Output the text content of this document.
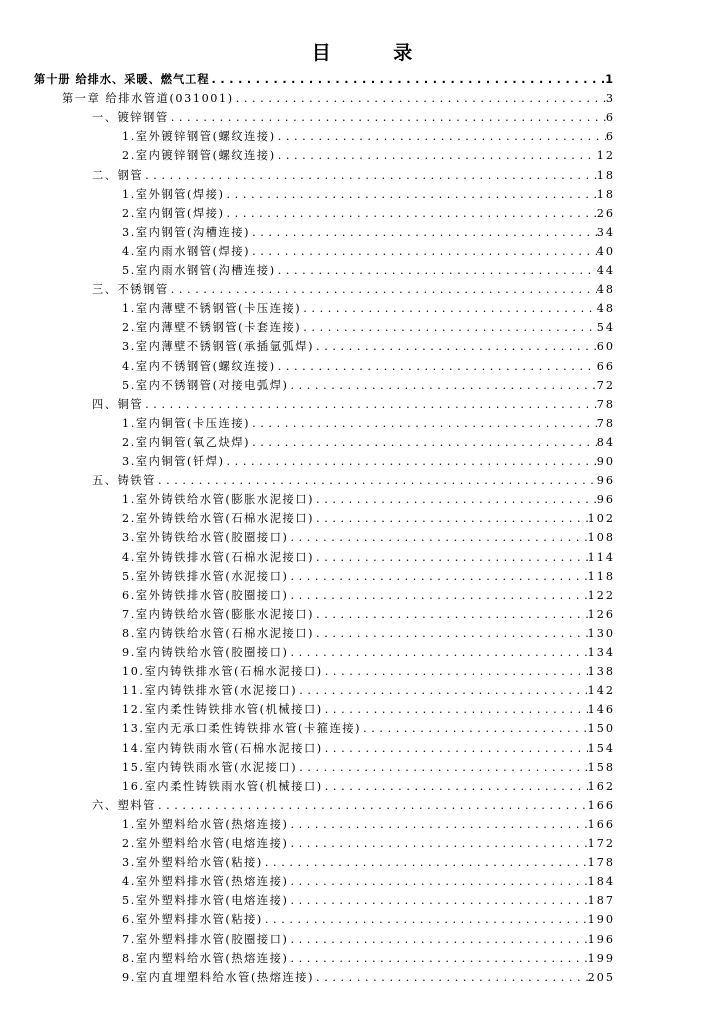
目 录
第十册 给排水、采暖、燃气工程 .....	1
第一章 给排水管道(031001) .....	3
一、镀锌钢管 .....	6
1.室外镀锌钢管(螺纹连接) .....	6
2.室内镀锌钢管(螺纹连接) .....	12
二、钢管 .....	18
1.室外钢管(焊接) .....	18
2.室内钢管(焊接) .....	26
3.室内钢管(沟槽连接) .....	34
4.室内雨水钢管(焊接) .....	40
5.室内雨水钢管(沟槽连接) .....	44
三、不锈钢管 .....	48
1.室内薄壁不锈钢管(卡压连接) .....	48
2.室内薄壁不锈钢管(卡套连接) .....	54
3.室内薄壁不锈钢管(承插氩弧焊) .....	60
4.室内不锈钢管(螺纹连接) .....	66
5.室内不锈钢管(对接电弧焊) .....	72
四、铜管 .....	78
1.室内铜管(卡压连接) .....	78
2.室内铜管(氧乙炔焊) .....	84
3.室内铜管(钎焊) .....	90
五、铸铁管 .....	96
1.室外铸铁给水管(膨胀水泥接口) .....	96
2.室外铸铁给水管(石棉水泥接口) .....	102
3.室外铸铁给水管(胶圈接口) .....	108
4.室外铸铁排水管(石棉水泥接口) .....	114
5.室外铸铁排水管(水泥接口) .....	118
6.室外铸铁排水管(胶圈接口) .....	122
7.室内铸铁给水管(膨胀水泥接口) .....	126
8.室内铸铁给水管(石棉水泥接口) .....	130
9.室内铸铁给水管(胶圈接口) .....	134
10.室内铸铁排水管(石棉水泥接口) .....	138
11.室内铸铁排水管(水泥接口) .....	142
12.室内柔性铸铁排水管(机械接口) .....	146
13.室内无承口柔性铸铁排水管(卡箍连接) .....	150
14.室内铸铁雨水管(石棉水泥接口) .....	154
15.室内铸铁雨水管(水泥接口) .....	158
16.室内柔性铸铁雨水管(机械接口) .....	162
六、塑料管 .....	166
1.室外塑料给水管(热熔连接) .....	166
2.室外塑料给水管(电熔连接) .....	172
3.室外塑料给水管(粘接) .....	178
4.室外塑料排水管(热熔连接) .....	184
5.室外塑料排水管(电熔连接) .....	187
6.室外塑料排水管(粘接) .....	190
7.室外塑料排水管(胶圈接口) .....	196
8.室内塑料给水管(热熔连接) .....	199
9.室内直埋塑料给水管(热熔连接) .....	205
